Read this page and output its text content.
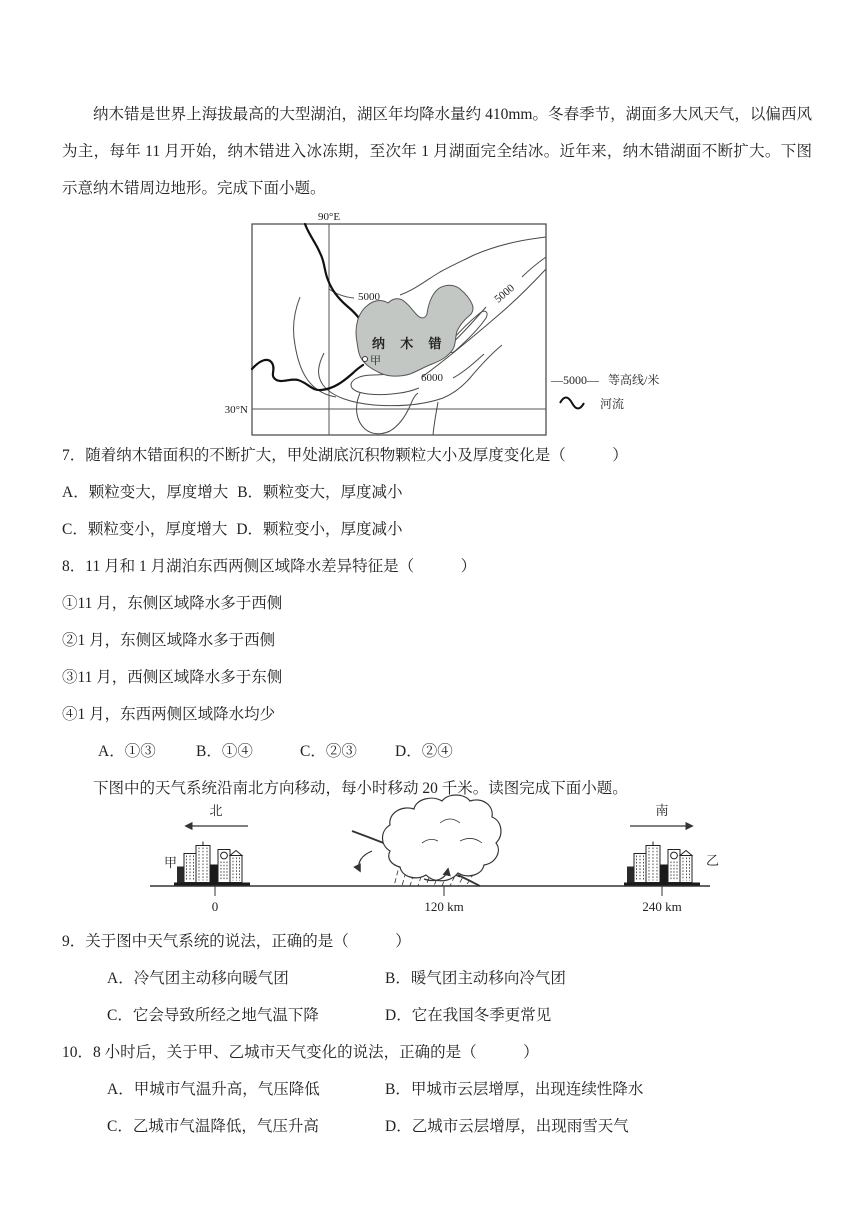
纳木错是世界上海拔最高的大型湖泊，湖区年均降水量约 410mm。冬春季节，湖面多大风天气，以偏西风为主，每年 11 月开始，纳木错进入冰冻期，至次年 1 月湖面完全结冰。近年来，纳木错湖面不断扩大。下图示意纳木错周边地形。完成下面小题。

90°E
30°N
5000	5000
6000
纳 木 错
甲
—5000— 等高线/米
河流

7．随着纳木错面积的不断扩大，甲处湖底沉积物颗粒大小及厚度变化是（　　　）

A．颗粒变大，厚度增大 B．颗粒变大，厚度减小

C．颗粒变小，厚度增大 D．颗粒变小，厚度减小

8．11 月和 1 月湖泊东西两侧区域降水差异特征是（　　　）

①11 月，东侧区域降水多于西侧

②1 月，东侧区域降水多于西侧

③11 月，西侧区域降水多于东侧

④1 月，东西两侧区域降水均少

A．①③	B．①④	C．②③ D．②④

下图中的天气系统沿南北方向移动，每小时移动 20 千米。读图完成下面小题。

北	南
甲	乙
0	120 km	240 km

9．关于图中天气系统的说法，正确的是（　　　）

A．冷气团主动移向暖气团	B．暖气团主动移向冷气团

C．它会导致所经之地气温下降	D．它在我国冬季更常见

10．8 小时后，关于甲、乙城市天气变化的说法，正确的是（　　　）

A．甲城市气温升高，气压降低	B．甲城市云层增厚，出现连续性降水

C．乙城市气温降低，气压升高	D．乙城市云层增厚，出现雨雪天气
